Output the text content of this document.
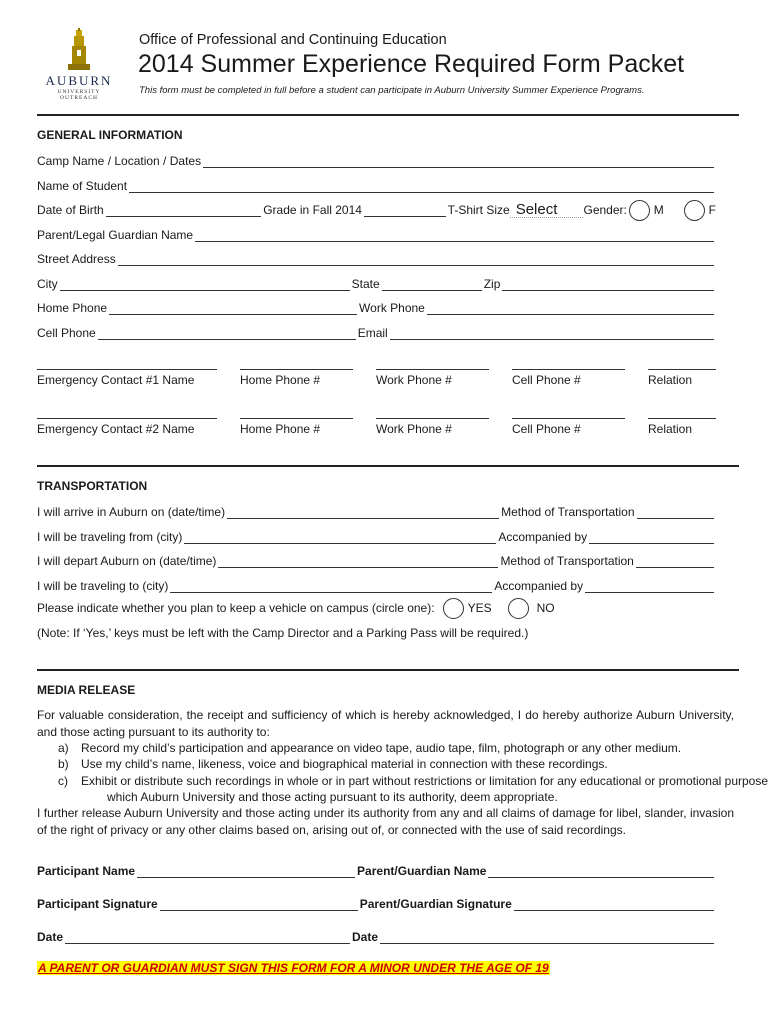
AUBURN
UNIVERSITY OUTREACH
Office of Professional and Continuing Education
2014 Summer Experience Required Form Packet
This form must be completed in full before a student can participate in Auburn University Summer Experience Programs.
GENERAL INFORMATION
Camp Name / Location / Dates
Name of Student
Date of Birth	Grade in Fall 2014	T-Shirt Size Select	Gender: M	F
Parent/Legal Guardian Name
Street Address
City	State	Zip
Home Phone	Work Phone
Cell Phone	Email
Emergency Contact #1 Name	Home Phone #	Work Phone #	Cell Phone #	Relation
Emergency Contact #2 Name	Home Phone #	Work Phone #	Cell Phone #	Relation
TRANSPORTATION
I will arrive in Auburn on (date/time)	Method of Transportation
I will be traveling from (city)	Accompanied by
I will depart Auburn on (date/time)	Method of Transportation
I will be traveling to (city)	Accompanied by
Please indicate whether you plan to keep a vehicle on campus (circle one):	YES	NO
(Note: If ‘Yes,’ keys must be left with the Camp Director and a Parking Pass will be required.)
MEDIA RELEASE
For valuable consideration, the receipt and sufficiency of which is hereby acknowledged, I do hereby authorize Auburn University, and those acting pursuant to its authority to:
a) Record my child’s participation and appearance on video tape, audio tape, film, photograph or any other medium.
b) Use my child’s name, likeness, voice and biographical material in connection with these recordings.
c) Exhibit or distribute such recordings in whole or in part without restrictions or limitation for any educational or promotional purpose
which Auburn University and those acting pursuant to its authority, deem appropriate.
I further release Auburn University and those acting under its authority from any and all claims of damage for libel, slander, invasion of the right of privacy or any other claims based on, arising out of, or connected with the use of said recordings.
Participant Name	Parent/Guardian Name
Participant Signature	Parent/Guardian Signature
Date	Date
A PARENT OR GUARDIAN MUST SIGN THIS FORM FOR A MINOR UNDER THE AGE OF 19
